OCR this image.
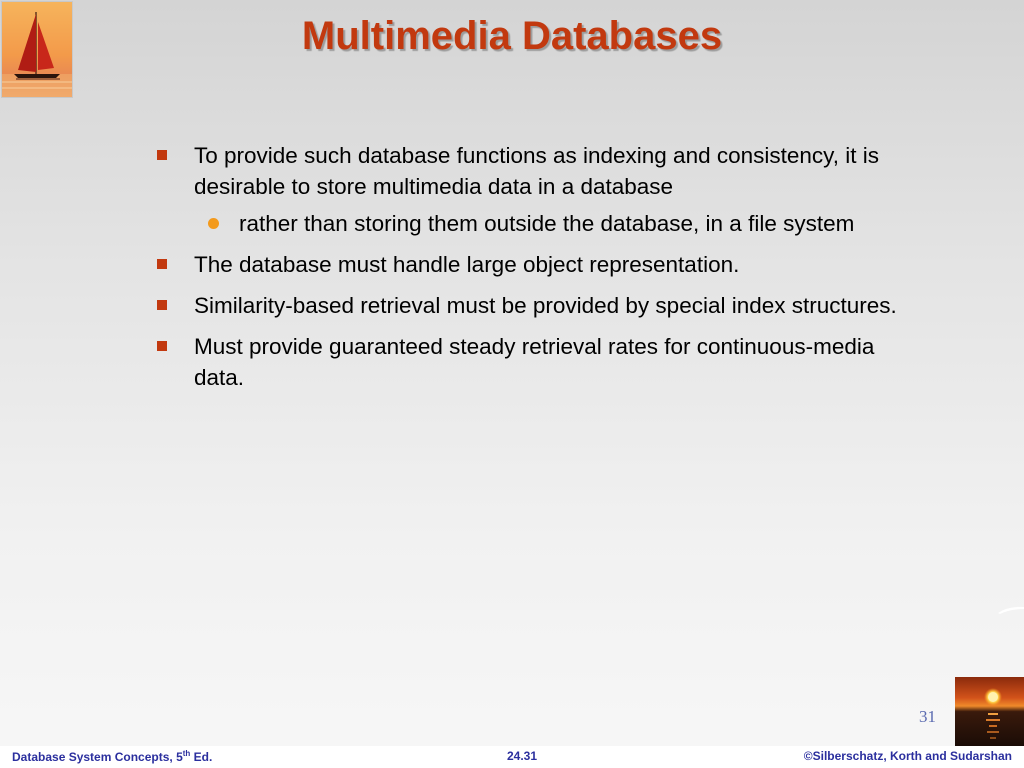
Multimedia Databases
To provide such database functions as indexing and consistency, it is desirable to store multimedia data in a database
rather than storing them outside the database, in a file system
The database must handle large object representation.
Similarity-based retrieval must be provided by special index structures.
Must provide guaranteed steady retrieval rates for continuous-media data.
31
Database System Concepts, 5th Ed.	24.31	©Silberschatz, Korth and Sudarshan
